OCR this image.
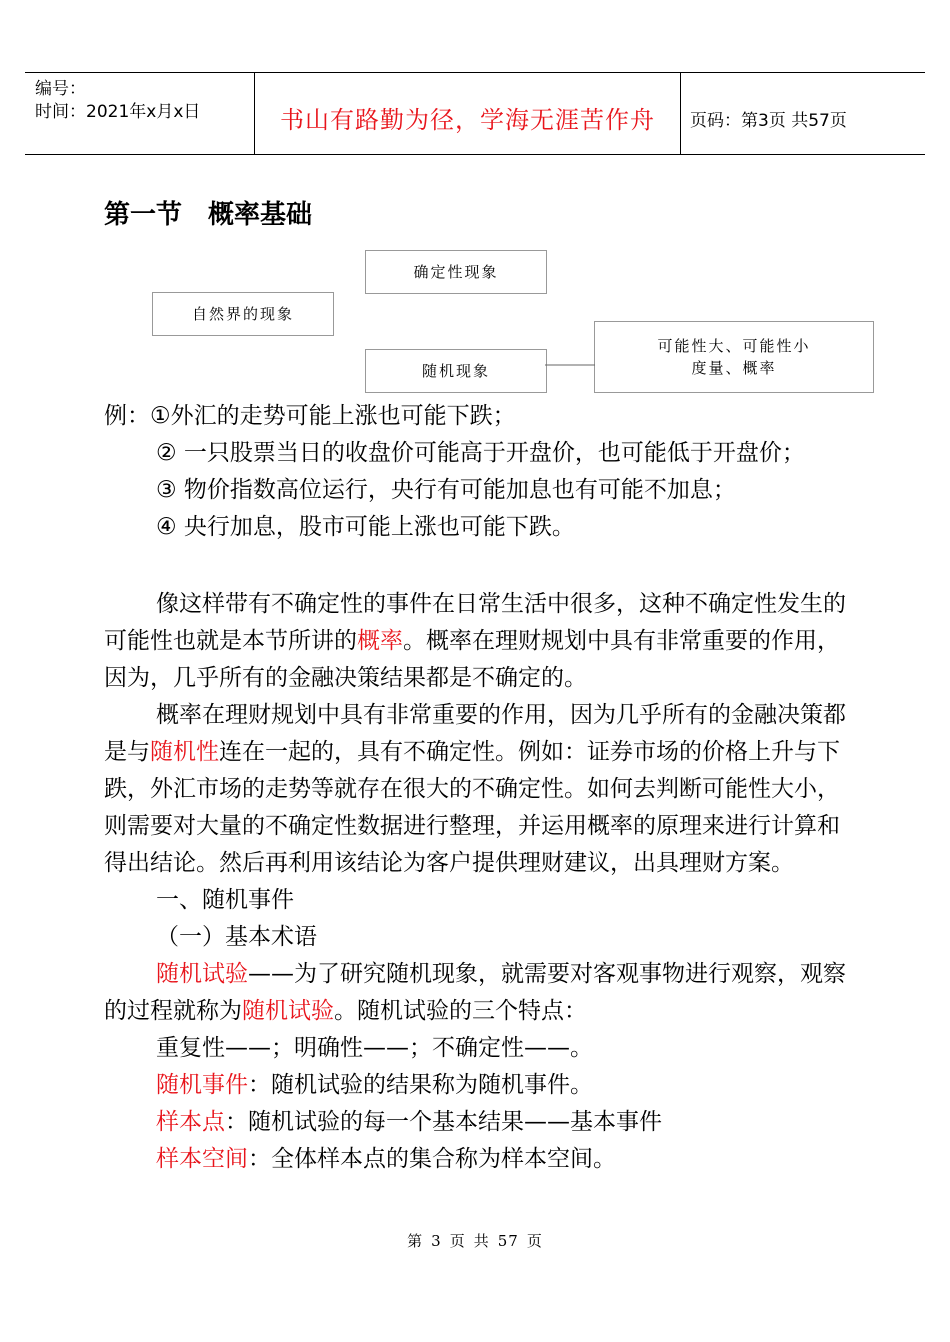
编号：
时间：2021年x月x日	书山有路勤为径，学海无涯苦作舟	页码：第3页 共57页
第一节　概率基础
自然界的现象
确定性现象
随机现象
可能性大、可能性小
度量、概率

例：①外汇的走势可能上涨也可能下跌；

② 一只股票当日的收盘价可能高于开盘价，也可能低于开盘价；

③ 物价指数高位运行，央行有可能加息也有可能不加息；

④ 央行加息，股市可能上涨也可能下跌。

像这样带有不确定性的事件在日常生活中很多，这种不确定性发生的可能性也就是本节所讲的概率。概率在理财规划中具有非常重要的作用，因为，几乎所有的金融决策结果都是不确定的。

概率在理财规划中具有非常重要的作用，因为几乎所有的金融决策都是与随机性连在一起的，具有不确定性。例如：证券市场的价格上升与下跌，外汇市场的走势等就存在很大的不确定性。如何去判断可能性大小，则需要对大量的不确定性数据进行整理，并运用概率的原理来进行计算和得出结论。然后再利用该结论为客户提供理财建议，出具理财方案。

一、随机事件

（一）基本术语

随机试验——为了研究随机现象，就需要对客观事物进行观察，观察的过程就称为随机试验。随机试验的三个特点：

重复性——；明确性——；不确定性——。

随机事件：随机试验的结果称为随机事件。

样本点：随机试验的每一个基本结果——基本事件

样本空间：全体样本点的集合称为样本空间。

第 3 页 共 57 页
